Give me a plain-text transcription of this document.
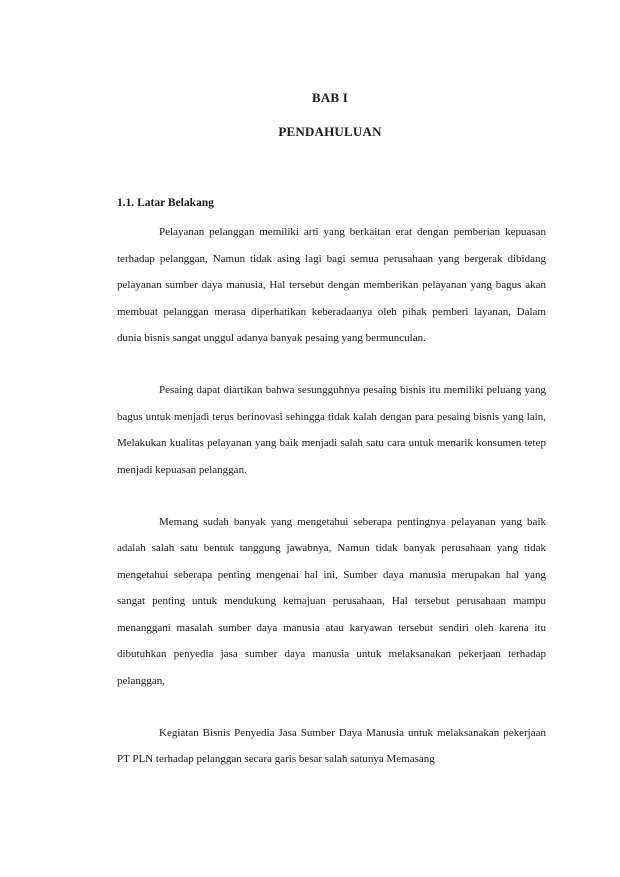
BAB I
PENDAHULUAN
1.1. Latar Belakang

Pelayanan pelanggan memiliki arti yang berkaitan erat dengan pemberian kepuasan terhadap pelanggan, Namun tidak asing lagi bagi semua perusahaan yang bergerak dibidang pelayanan sumber daya manusia, Hal tersebut dengan memberikan pelayanan yang bagus akan membuat pelanggan merasa diperhatikan keberadaanya oleh pihak pemberi layanan, Dalam dunia bisnis sangat unggul adanya banyak pesaing yang bermunculan.

Pesaing dapat diartikan bahwa sesungguhnya pesaing bisnis itu memiliki peluang yang bagus untuk menjadi terus berinovasi sehingga tidak kalah dengan para pesaing bisnis yang lain, Melakukan kualitas pelayanan yang baik menjadi salah satu cara untuk menarik konsumen tetep menjadi kepuasan pelanggan.

Memang sudah banyak yang mengetahui seberapa pentingnya pelayanan yang baik adalah salah satu bentuk tanggung jawabnya, Namun tidak banyak perusahaan yang tidak mengetahui seberapa penting mengenai hal ini, Sumber daya manusia merupakan hal yang sangat penting untuk mendukung kemajuan perusahaan, Hal tersebut perusahaan mampu menanggani masalah sumber daya manusia atau karyawan tersebut sendiri oleh karena itu dibutuhkan penyedia jasa sumber daya manusia untuk melaksanakan pekerjaan terhadap pelanggan,

Kegiatan Bisnis Penyedia Jasa Sumber Daya Manusia untuk melaksanakan pekerjaan PT PLN terhadap pelanggan secara garis besar salah satunya Memasang
